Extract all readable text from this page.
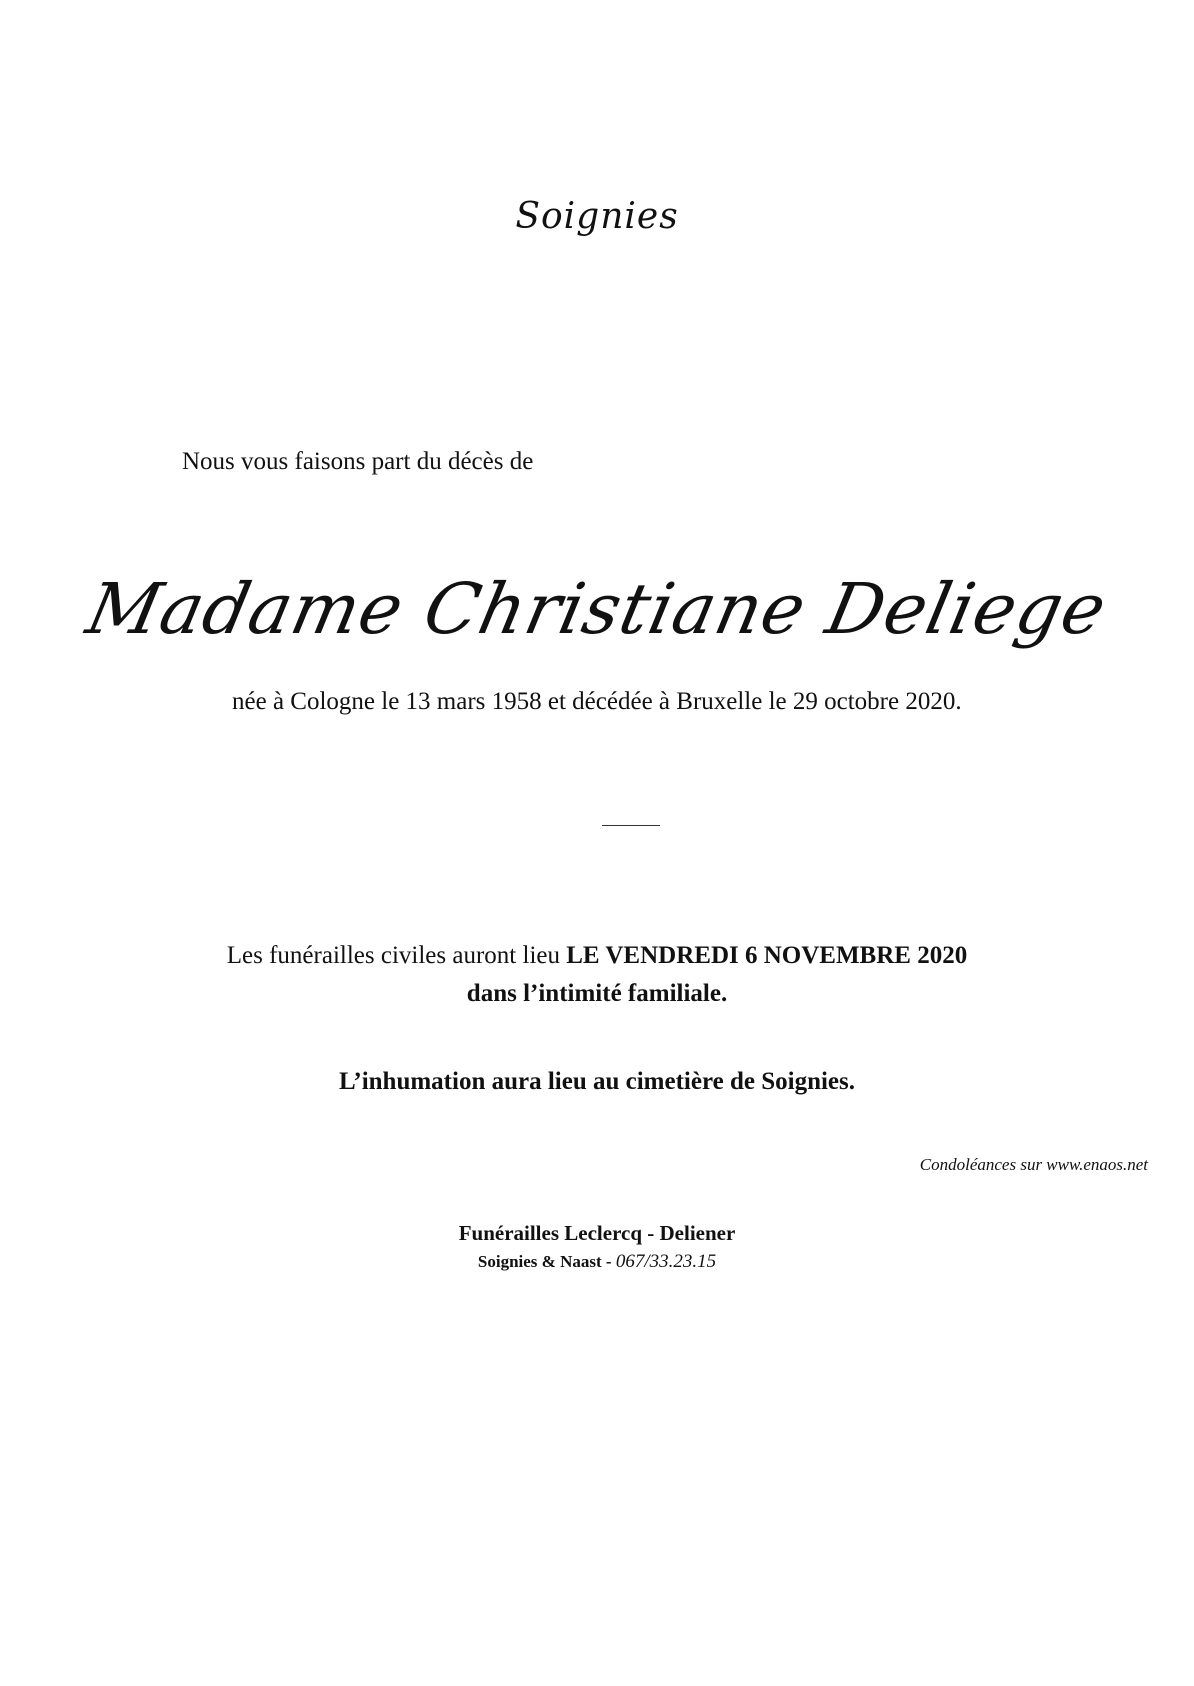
Soignies
Nous vous faisons part du décès de
Madame Christiane Deliege
née à Cologne le 13 mars 1958 et décédée à Bruxelle le 29 octobre 2020.
Les funérailles civiles auront lieu LE VENDREDI 6 NOVEMBRE 2020
dans l’intimité familiale.
L’inhumation aura lieu au cimetière de Soignies.
Condoléances sur www.enaos.net
Funérailles Leclercq - Deliener
Soignies & Naast - 067/33.23.15
